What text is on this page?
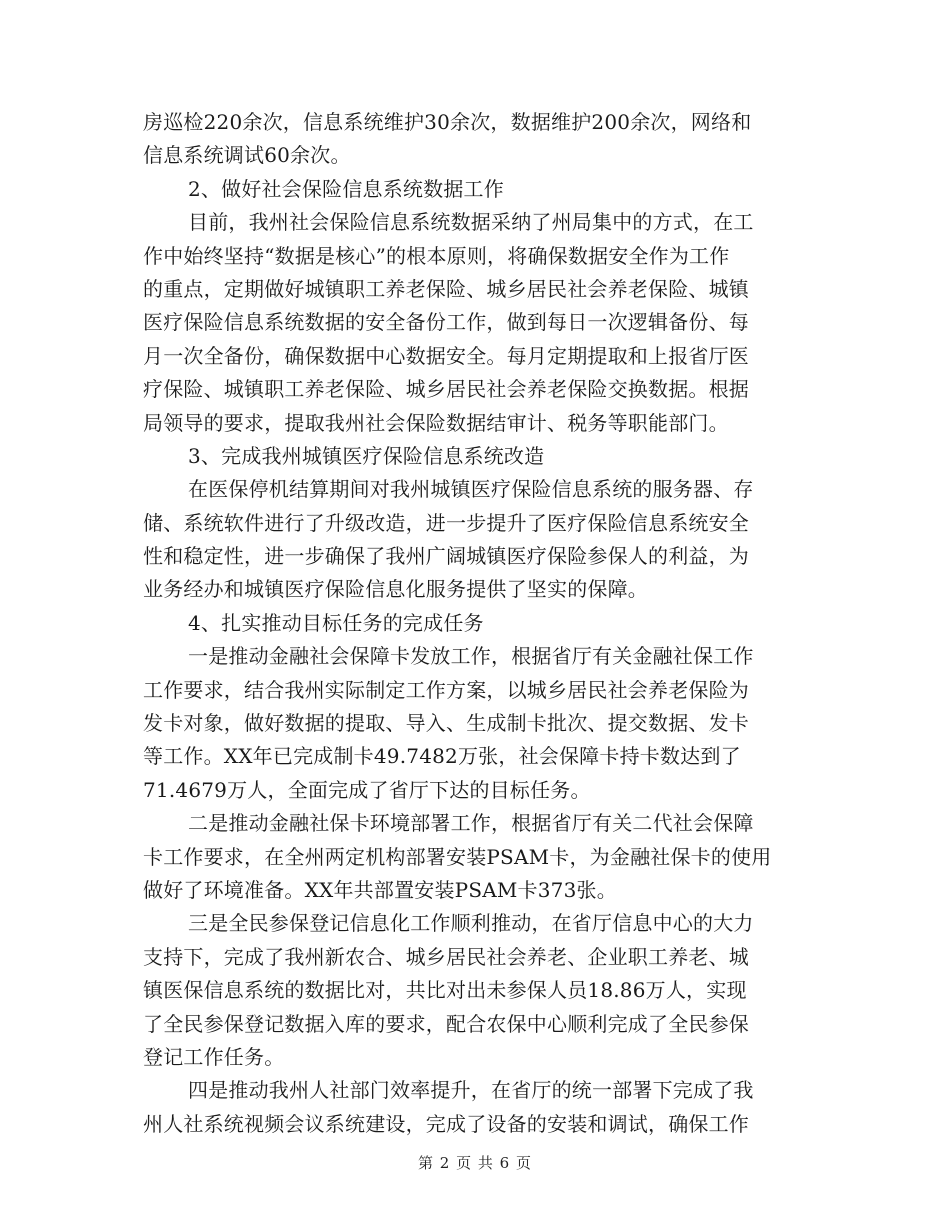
房巡检220余次，信息系统维护30余次，数据维护200余次，网络和
信息系统调试60余次。
2、做好社会保险信息系统数据工作
目前，我州社会保险信息系统数据采纳了州局集中的方式，在工
作中始终坚持“数据是核心”的根本原则，将确保数据安全作为工作
的重点，定期做好城镇职工养老保险、城乡居民社会养老保险、城镇
医疗保险信息系统数据的安全备份工作，做到每日一次逻辑备份、每
月一次全备份，确保数据中心数据安全。每月定期提取和上报省厅医
疗保险、城镇职工养老保险、城乡居民社会养老保险交换数据。根据
局领导的要求，提取我州社会保险数据结审计、税务等职能部门。
3、完成我州城镇医疗保险信息系统改造
在医保停机结算期间对我州城镇医疗保险信息系统的服务器、存
储、系统软件进行了升级改造，进一步提升了医疗保险信息系统安全
性和稳定性，进一步确保了我州广阔城镇医疗保险参保人的利益，为
业务经办和城镇医疗保险信息化服务提供了坚实的保障。
4、扎实推动目标任务的完成任务
一是推动金融社会保障卡发放工作，根据省厅有关金融社保工作
工作要求，结合我州实际制定工作方案，以城乡居民社会养老保险为
发卡对象，做好数据的提取、导入、生成制卡批次、提交数据、发卡
等工作。XX年已完成制卡49.7482万张，社会保障卡持卡数达到了
71.4679万人，全面完成了省厅下达的目标任务。
二是推动金融社保卡环境部署工作，根据省厅有关二代社会保障
卡工作要求，在全州两定机构部署安装PSAM卡，为金融社保卡的使用
做好了环境准备。XX年共部置安装PSAM卡373张。
三是全民参保登记信息化工作顺利推动，在省厅信息中心的大力
支持下，完成了我州新农合、城乡居民社会养老、企业职工养老、城
镇医保信息系统的数据比对，共比对出未参保人员18.86万人，实现
了全民参保登记数据入库的要求，配合农保中心顺利完成了全民参保
登记工作任务。
四是推动我州人社部门效率提升，在省厅的统一部署下完成了我
州人社系统视频会议系统建设，完成了设备的安装和调试，确保工作
第 2 页 共 6 页
